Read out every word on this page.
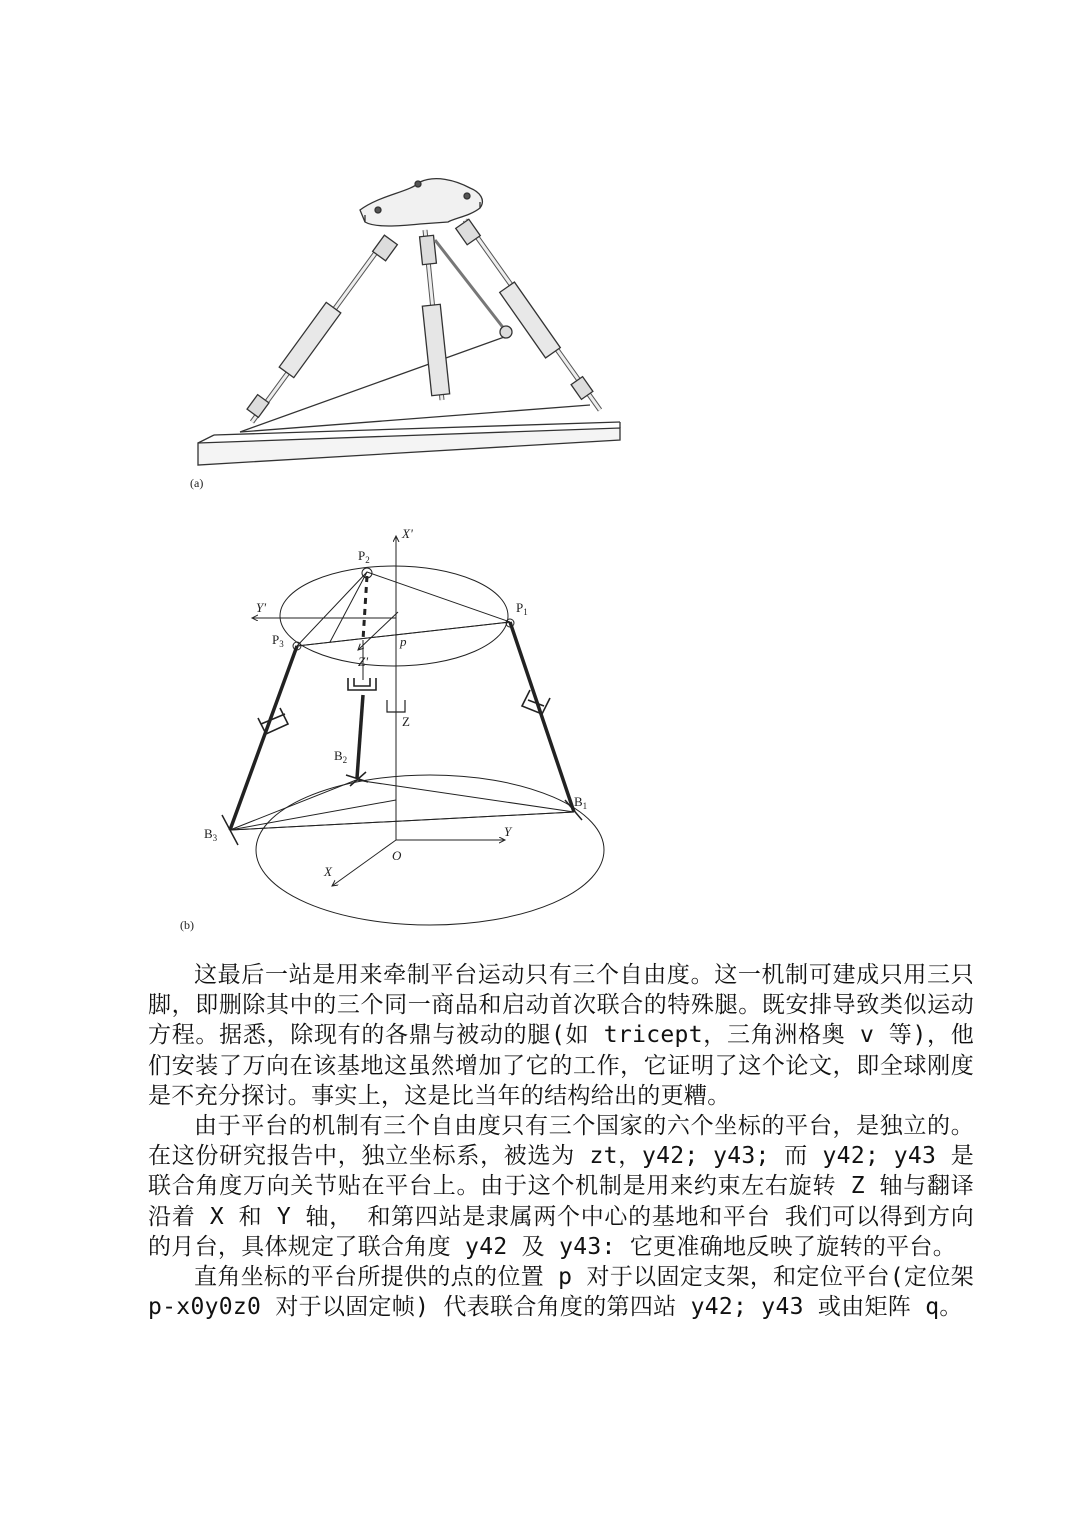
(a)
$P_2$
$P_1$
$P_3$
X'
Y'
Z'
p
Z
$B_2$
$B_1$
$B_3$	Y
X
O
(b)

这最后一站是用来牵制平台运动只有三个自由度。这一机制可建成只用三只脚，即删除其中的三个同一商品和启动首次联合的特殊腿。既安排导致类似运动方程。据悉，除现有的各鼎与被动的腿(如 tricept，三角洲格奥 v 等)，他们安装了万向在该基地这虽然增加了它的工作，它证明了这个论文，即全球刚度是不充分探讨。事实上，这是比当年的结构给出的更糟。

由于平台的机制有三个自由度只有三个国家的六个坐标的平台，是独立的。在这份研究报告中，独立坐标系，被选为 zt，y42; y43; 而 y42; y43 是联合角度万向关节贴在平台上。由于这个机制是用来约束左右旋转 Z 轴与翻译沿着 X 和 Y 轴， 和第四站是隶属两个中心的基地和平台 我们可以得到方向的月台，具体规定了联合角度 y42 及 y43: 它更准确地反映了旋转的平台。

直角坐标的平台所提供的点的位置 p 对于以固定支架，和定位平台(定位架 p-x0y0z0 对于以固定帧) 代表联合角度的第四站 y42; y43 或由矩阵 q。
